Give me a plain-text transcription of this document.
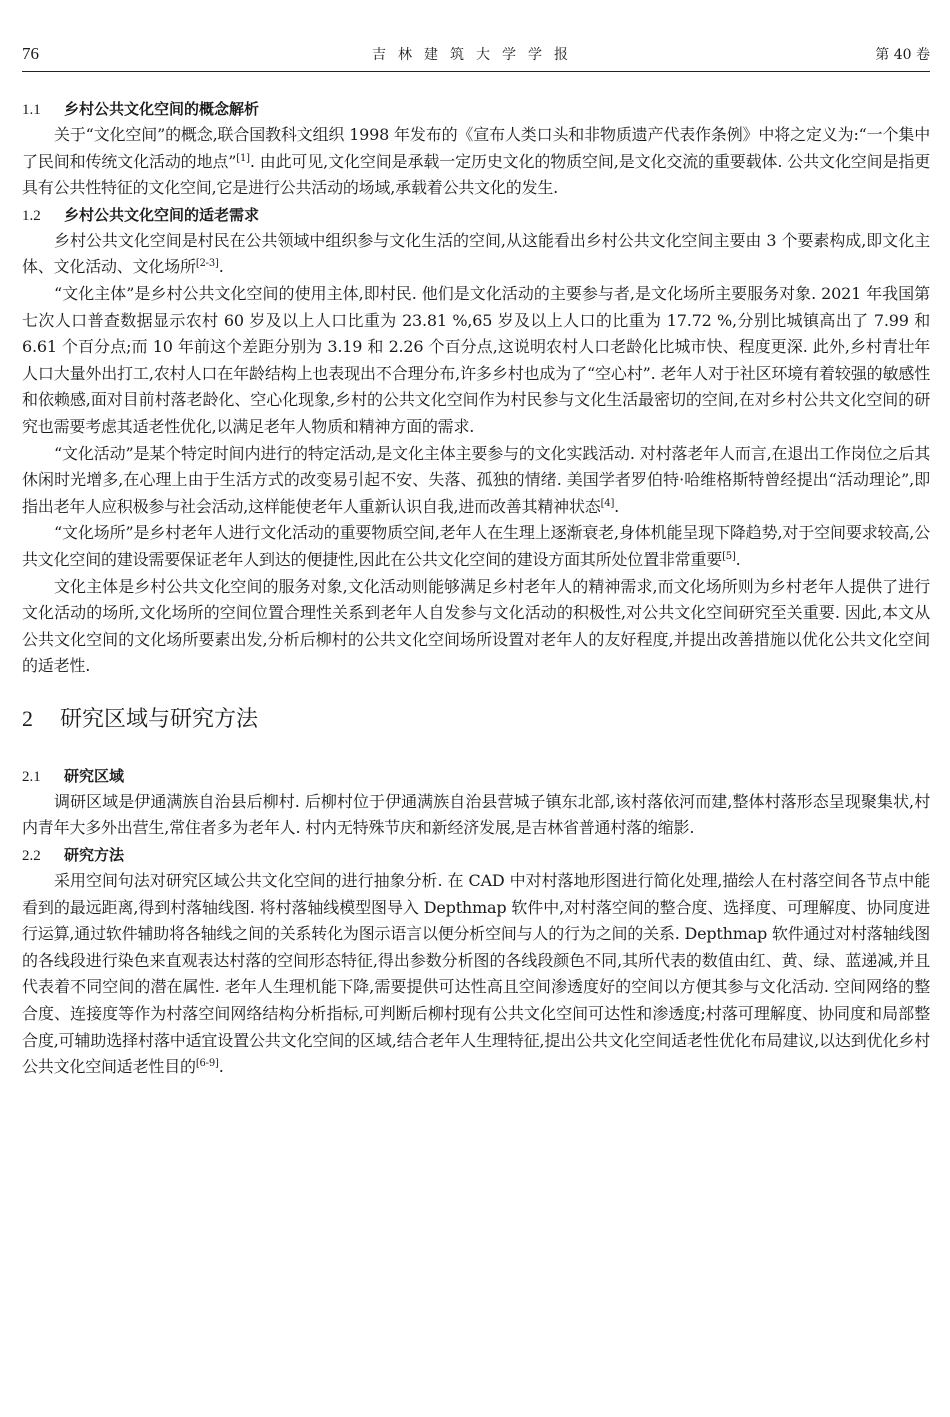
76	吉林建筑大学学报	第 40 卷
1.1 乡村公共文化空间的概念解析

关于“文化空间”的概念,联合国教科文组织 1998 年发布的《宣布人类口头和非物质遗产代表作条例》中将之定义为:“一个集中了民间和传统文化活动的地点”[1]. 由此可见,文化空间是承载一定历史文化的物质空间,是文化交流的重要载体. 公共文化空间是指更具有公共性特征的文化空间,它是进行公共活动的场域,承载着公共文化的发生.

1.2 乡村公共文化空间的适老需求

乡村公共文化空间是村民在公共领域中组织参与文化生活的空间,从这能看出乡村公共文化空间主要由 3 个要素构成,即文化主体、文化活动、文化场所[2-3].

“文化主体”是乡村公共文化空间的使用主体,即村民. 他们是文化活动的主要参与者,是文化场所主要服务对象. 2021 年我国第七次人口普查数据显示农村 60 岁及以上人口比重为 23.81 %,65 岁及以上人口的比重为 17.72 %,分别比城镇高出了 7.99 和 6.61 个百分点;而 10 年前这个差距分别为 3.19 和 2.26 个百分点,这说明农村人口老龄化比城市快、程度更深. 此外,乡村青壮年人口大量外出打工,农村人口在年龄结构上也表现出不合理分布,许多乡村也成为了“空心村”. 老年人对于社区环境有着较强的敏感性和依赖感,面对目前村落老龄化、空心化现象,乡村的公共文化空间作为村民参与文化生活最密切的空间,在对乡村公共文化空间的研究也需要考虑其适老性优化,以满足老年人物质和精神方面的需求.

“文化活动”是某个特定时间内进行的特定活动,是文化主体主要参与的文化实践活动. 对村落老年人而言,在退出工作岗位之后其休闲时光增多,在心理上由于生活方式的改变易引起不安、失落、孤独的情绪. 美国学者罗伯特·哈维格斯特曾经提出“活动理论”,即指出老年人应积极参与社会活动,这样能使老年人重新认识自我,进而改善其精神状态[4].

“文化场所”是乡村老年人进行文化活动的重要物质空间,老年人在生理上逐渐衰老,身体机能呈现下降趋势,对于空间要求较高,公共文化空间的建设需要保证老年人到达的便捷性,因此在公共文化空间的建设方面其所处位置非常重要[5].

文化主体是乡村公共文化空间的服务对象,文化活动则能够满足乡村老年人的精神需求,而文化场所则为乡村老年人提供了进行文化活动的场所,文化场所的空间位置合理性关系到老年人自发参与文化活动的积极性,对公共文化空间研究至关重要. 因此,本文从公共文化空间的文化场所要素出发,分析后柳村的公共文化空间场所设置对老年人的友好程度,并提出改善措施以优化公共文化空间的适老性.

2 研究区域与研究方法
2.1 研究区域

调研区域是伊通满族自治县后柳村. 后柳村位于伊通满族自治县营城子镇东北部,该村落依河而建,整体村落形态呈现聚集状,村内青年大多外出营生,常住者多为老年人. 村内无特殊节庆和新经济发展,是吉林省普通村落的缩影.

2.2 研究方法

采用空间句法对研究区域公共文化空间的进行抽象分析. 在 CAD 中对村落地形图进行简化处理,描绘人在村落空间各节点中能看到的最远距离,得到村落轴线图. 将村落轴线模型图导入 Depthmap 软件中,对村落空间的整合度、选择度、可理解度、协同度进行运算,通过软件辅助将各轴线之间的关系转化为图示语言以便分析空间与人的行为之间的关系. Depthmap 软件通过对村落轴线图的各线段进行染色来直观表达村落的空间形态特征,得出参数分析图的各线段颜色不同,其所代表的数值由红、黄、绿、蓝递减,并且代表着不同空间的潜在属性. 老年人生理机能下降,需要提供可达性高且空间渗透度好的空间以方便其参与文化活动. 空间网络的整合度、连接度等作为村落空间网络结构分析指标,可判断后柳村现有公共文化空间可达性和渗透度;村落可理解度、协同度和局部整合度,可辅助选择村落中适宜设置公共文化空间的区域,结合老年人生理特征,提出公共文化空间适老性优化布局建议,以达到优化乡村公共文化空间适老性目的[6-9].
